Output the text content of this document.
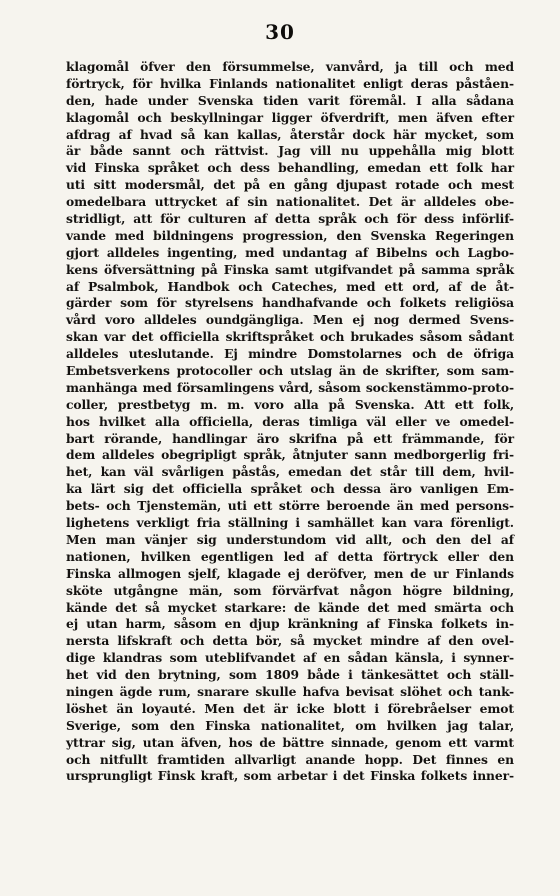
30

klagomål öfver den försummelse, vanvård, ja till och med
förtryck, för hvilka Finlands nationalitet enligt deras påståen-
den, hade under Svenska tiden varit föremål. I alla sådana
klagomål och beskyllningar ligger öfverdrift, men äfven efter
afdrag af hvad så kan kallas, återstår dock här mycket, som
är både sannt och rättvist. Jag vill nu uppehålla mig blott
vid Finska språket och dess behandling, emedan ett folk har
uti sitt modersmål, det på en gång djupast rotade och mest
omedelbara uttrycket af sin nationalitet. Det är alldeles obe-
stridligt, att för culturen af detta språk och för dess införlif-
vande med bildningens progression, den Svenska Regeringen
gjort alldeles ingenting, med undantag af Bibelns och Lagbo-
kens öfversättning på Finska samt utgifvandet på samma språk
af Psalmbok, Handbok och Cateches, med ett ord, af de åt-
gärder som för styrelsens handhafvande och folkets religiösa
vård voro alldeles oundgängliga. Men ej nog dermed Svens-
skan var det officiella skriftspråket och brukades såsom sådant
alldeles uteslutande. Ej mindre Domstolarnes och de öfriga
Embetsverkens protocoller och utslag än de skrifter, som sam-
manhänga med församlingens vård, såsom sockenstämmo-proto-
coller, prestbetyg m. m. voro alla på Svenska. Att ett folk,
hos hvilket alla officiella, deras timliga väl eller ve omedel-
bart rörande, handlingar äro skrifna på ett främmande, för
dem alldeles obegripligt språk, åtnjuter sann medborgerlig fri-
het, kan väl svårligen påstås, emedan det står till dem, hvil-
ka lärt sig det officiella språket och dessa äro vanligen Em-
bets- och Tjenstemän, uti ett större beroende än med persons-
lighetens verkligt fria ställning i samhället kan vara förenligt.
Men man vänjer sig understundom vid allt, och den del af
nationen, hvilken egentligen led af detta förtryck eller den
Finska allmogen sjelf, klagade ej deröfver, men de ur Finlands
sköte utgångne män, som förvärfvat någon högre bildning,
kände det så mycket starkare: de kände det med smärta och
ej utan harm, såsom en djup kränkning af Finska folkets in-
nersta lifskraft och detta bör, så mycket mindre af den ovel-
dige klandras som uteblifvandet af en sådan känsla, i synner-
het vid den brytning, som 1809 både i tänkesättet och ställ-
ningen ägde rum, snarare skulle hafva bevisat slöhet och tank-
löshet än loyauté. Men det är icke blott i förebråelser emot
Sverige, som den Finska nationalitet, om hvilken jag talar,
yttrar sig, utan äfven, hos de bättre sinnade, genom ett varmt
och nitfullt framtiden allvarligt anande hopp. Det finnes en
ursprungligt Finsk kraft, som arbetar i det Finska folkets inner-
